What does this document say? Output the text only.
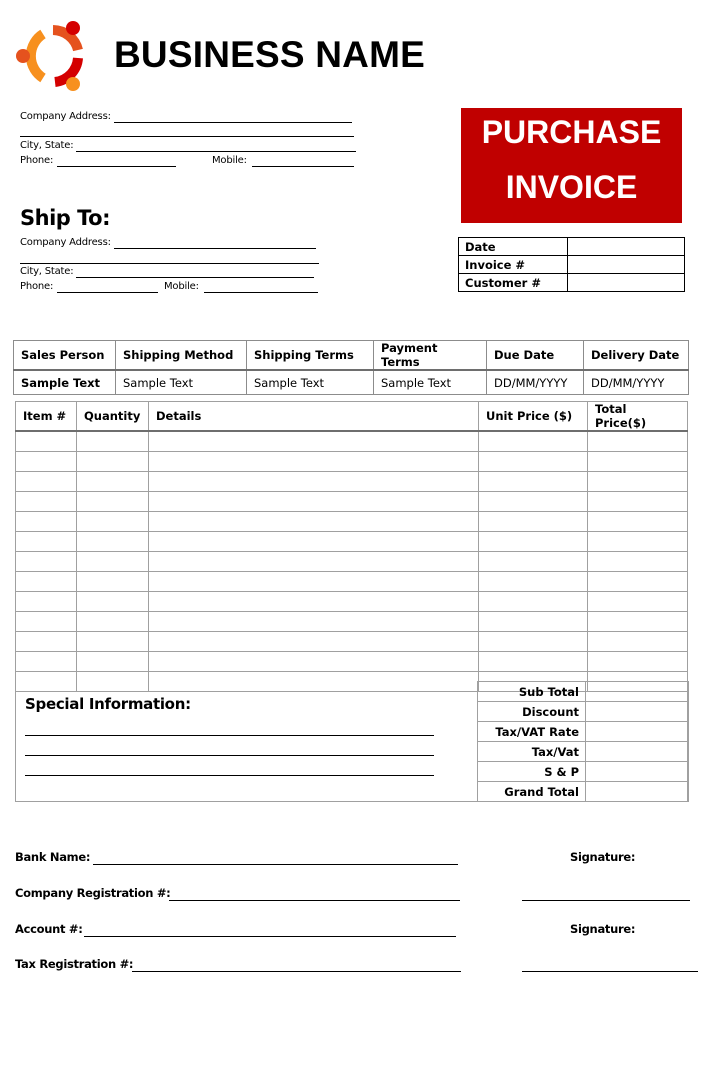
BUSINESS NAME
Company Address:
City, State:
Phone:	Mobile:
PURCHASE
INVOICE
Ship To:
Company Address:
City, State:
Phone:	Mobile:
Date	
Invoice #	
Customer #	
Sales Person	Shipping Method	Shipping Terms	Payment Terms	Due Date	Delivery Date
Sample Text	Sample Text	Sample Text	Sample Text	DD/MM/YYYY	DD/MM/YYYY
Item #	Quantity	Details	Unit Price ($)	Total Price($)

Special Information:
Sub Total	
Discount	
Tax/VAT Rate	
Tax/Vat	
S & P	
Grand Total	
Bank Name:	Signature:
Company Registration #:
Account #:	Signature:
Tax Registration #:
